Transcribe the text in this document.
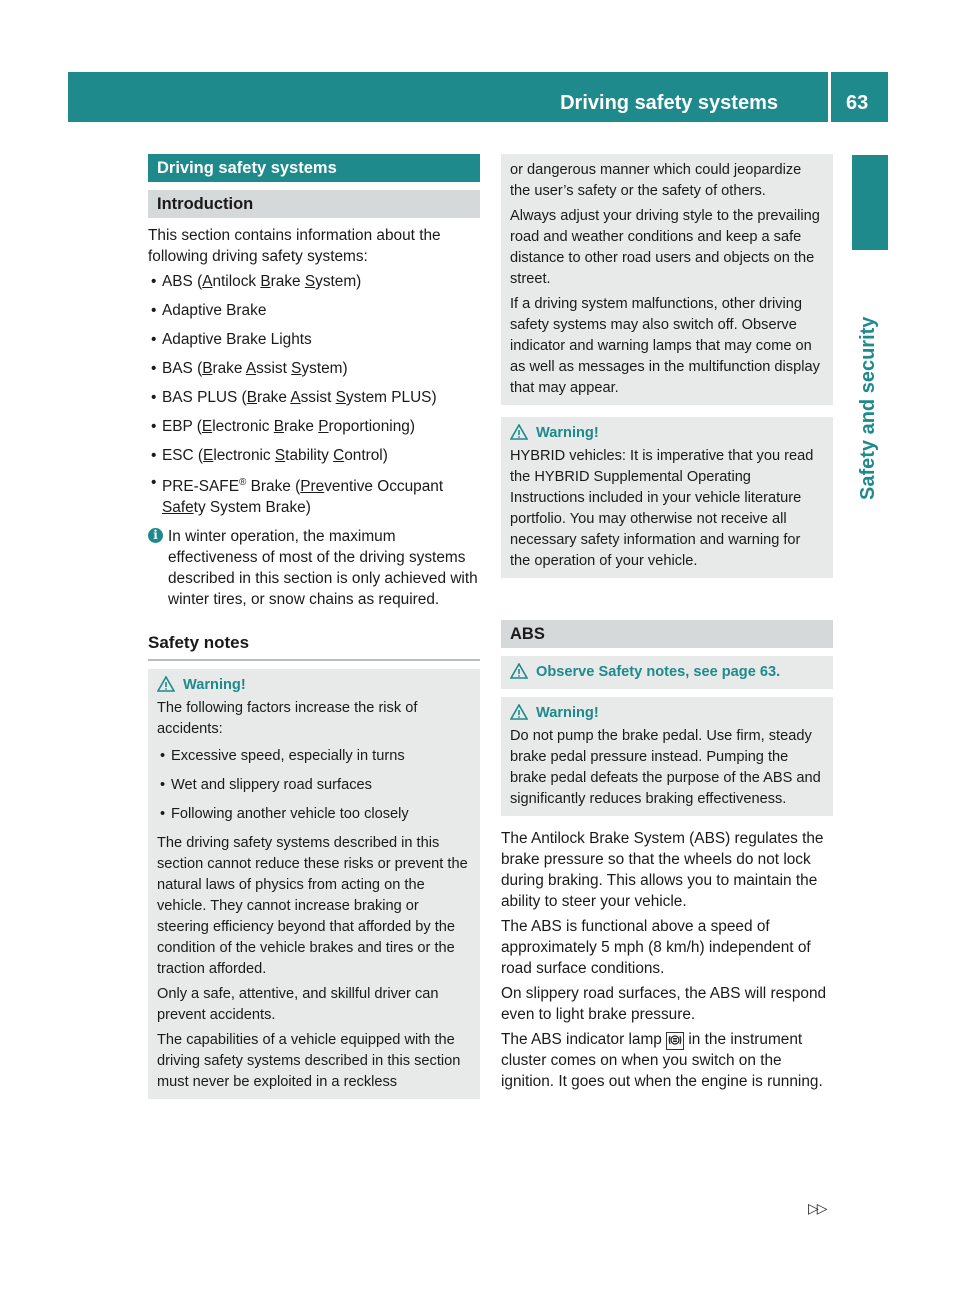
Driving safety systems	63
Safety and security
Driving safety systems
Introduction

This section contains information about the following driving safety systems:

• ABS (Antilock Brake System)
• Adaptive Brake
• Adaptive Brake Lights
• BAS (Brake Assist System)
• BAS PLUS (Brake Assist System PLUS)
• EBP (Electronic Brake Proportioning)
• ESC (Electronic Stability Control)
• PRE-SAFE® Brake (Preventive Occupant Safety System Brake)
i In winter operation, the maximum effectiveness of most of the driving systems described in this section is only achieved with winter tires, or snow chains as required.
Safety notes
Warning!

The following factors increase the risk of accidents:

• Excessive speed, especially in turns
• Wet and slippery road surfaces
• Following another vehicle too closely

The driving safety systems described in this section cannot reduce these risks or prevent the natural laws of physics from acting on the vehicle. They cannot increase braking or steering efficiency beyond that afforded by the condition of the vehicle brakes and tires or the traction afforded.

Only a safe, attentive, and skillful driver can prevent accidents.

The capabilities of a vehicle equipped with the driving safety systems described in this section must never be exploited in a reckless

or dangerous manner which could jeopardize the user’s safety or the safety of others.

Always adjust your driving style to the prevailing road and weather conditions and keep a safe distance to other road users and objects on the street.

If a driving system malfunctions, other driving safety systems may also switch off. Observe indicator and warning lamps that may come on as well as messages in the multifunction display that may appear.

Warning!

HYBRID vehicles: It is imperative that you read the HYBRID Supplemental Operating Instructions included in your vehicle literature portfolio. You may otherwise not receive all necessary safety information and warning for the operation of your vehicle.

ABS
Observe Safety notes, see page 63.
Warning!

Do not pump the brake pedal. Use firm, steady brake pedal pressure instead. Pumping the brake pedal defeats the purpose of the ABS and significantly reduces braking effectiveness.

The Antilock Brake System (ABS) regulates the brake pressure so that the wheels do not lock during braking. This allows you to maintain the ability to steer your vehicle.

The ABS is functional above a speed of approximately 5 mph (8 km/h) independent of road surface conditions.

On slippery road surfaces, the ABS will respond even to light brake pressure.

The ABS indicator lamp in the instrument cluster comes on when you switch on the ignition. It goes out when the engine is running.

▷▷
